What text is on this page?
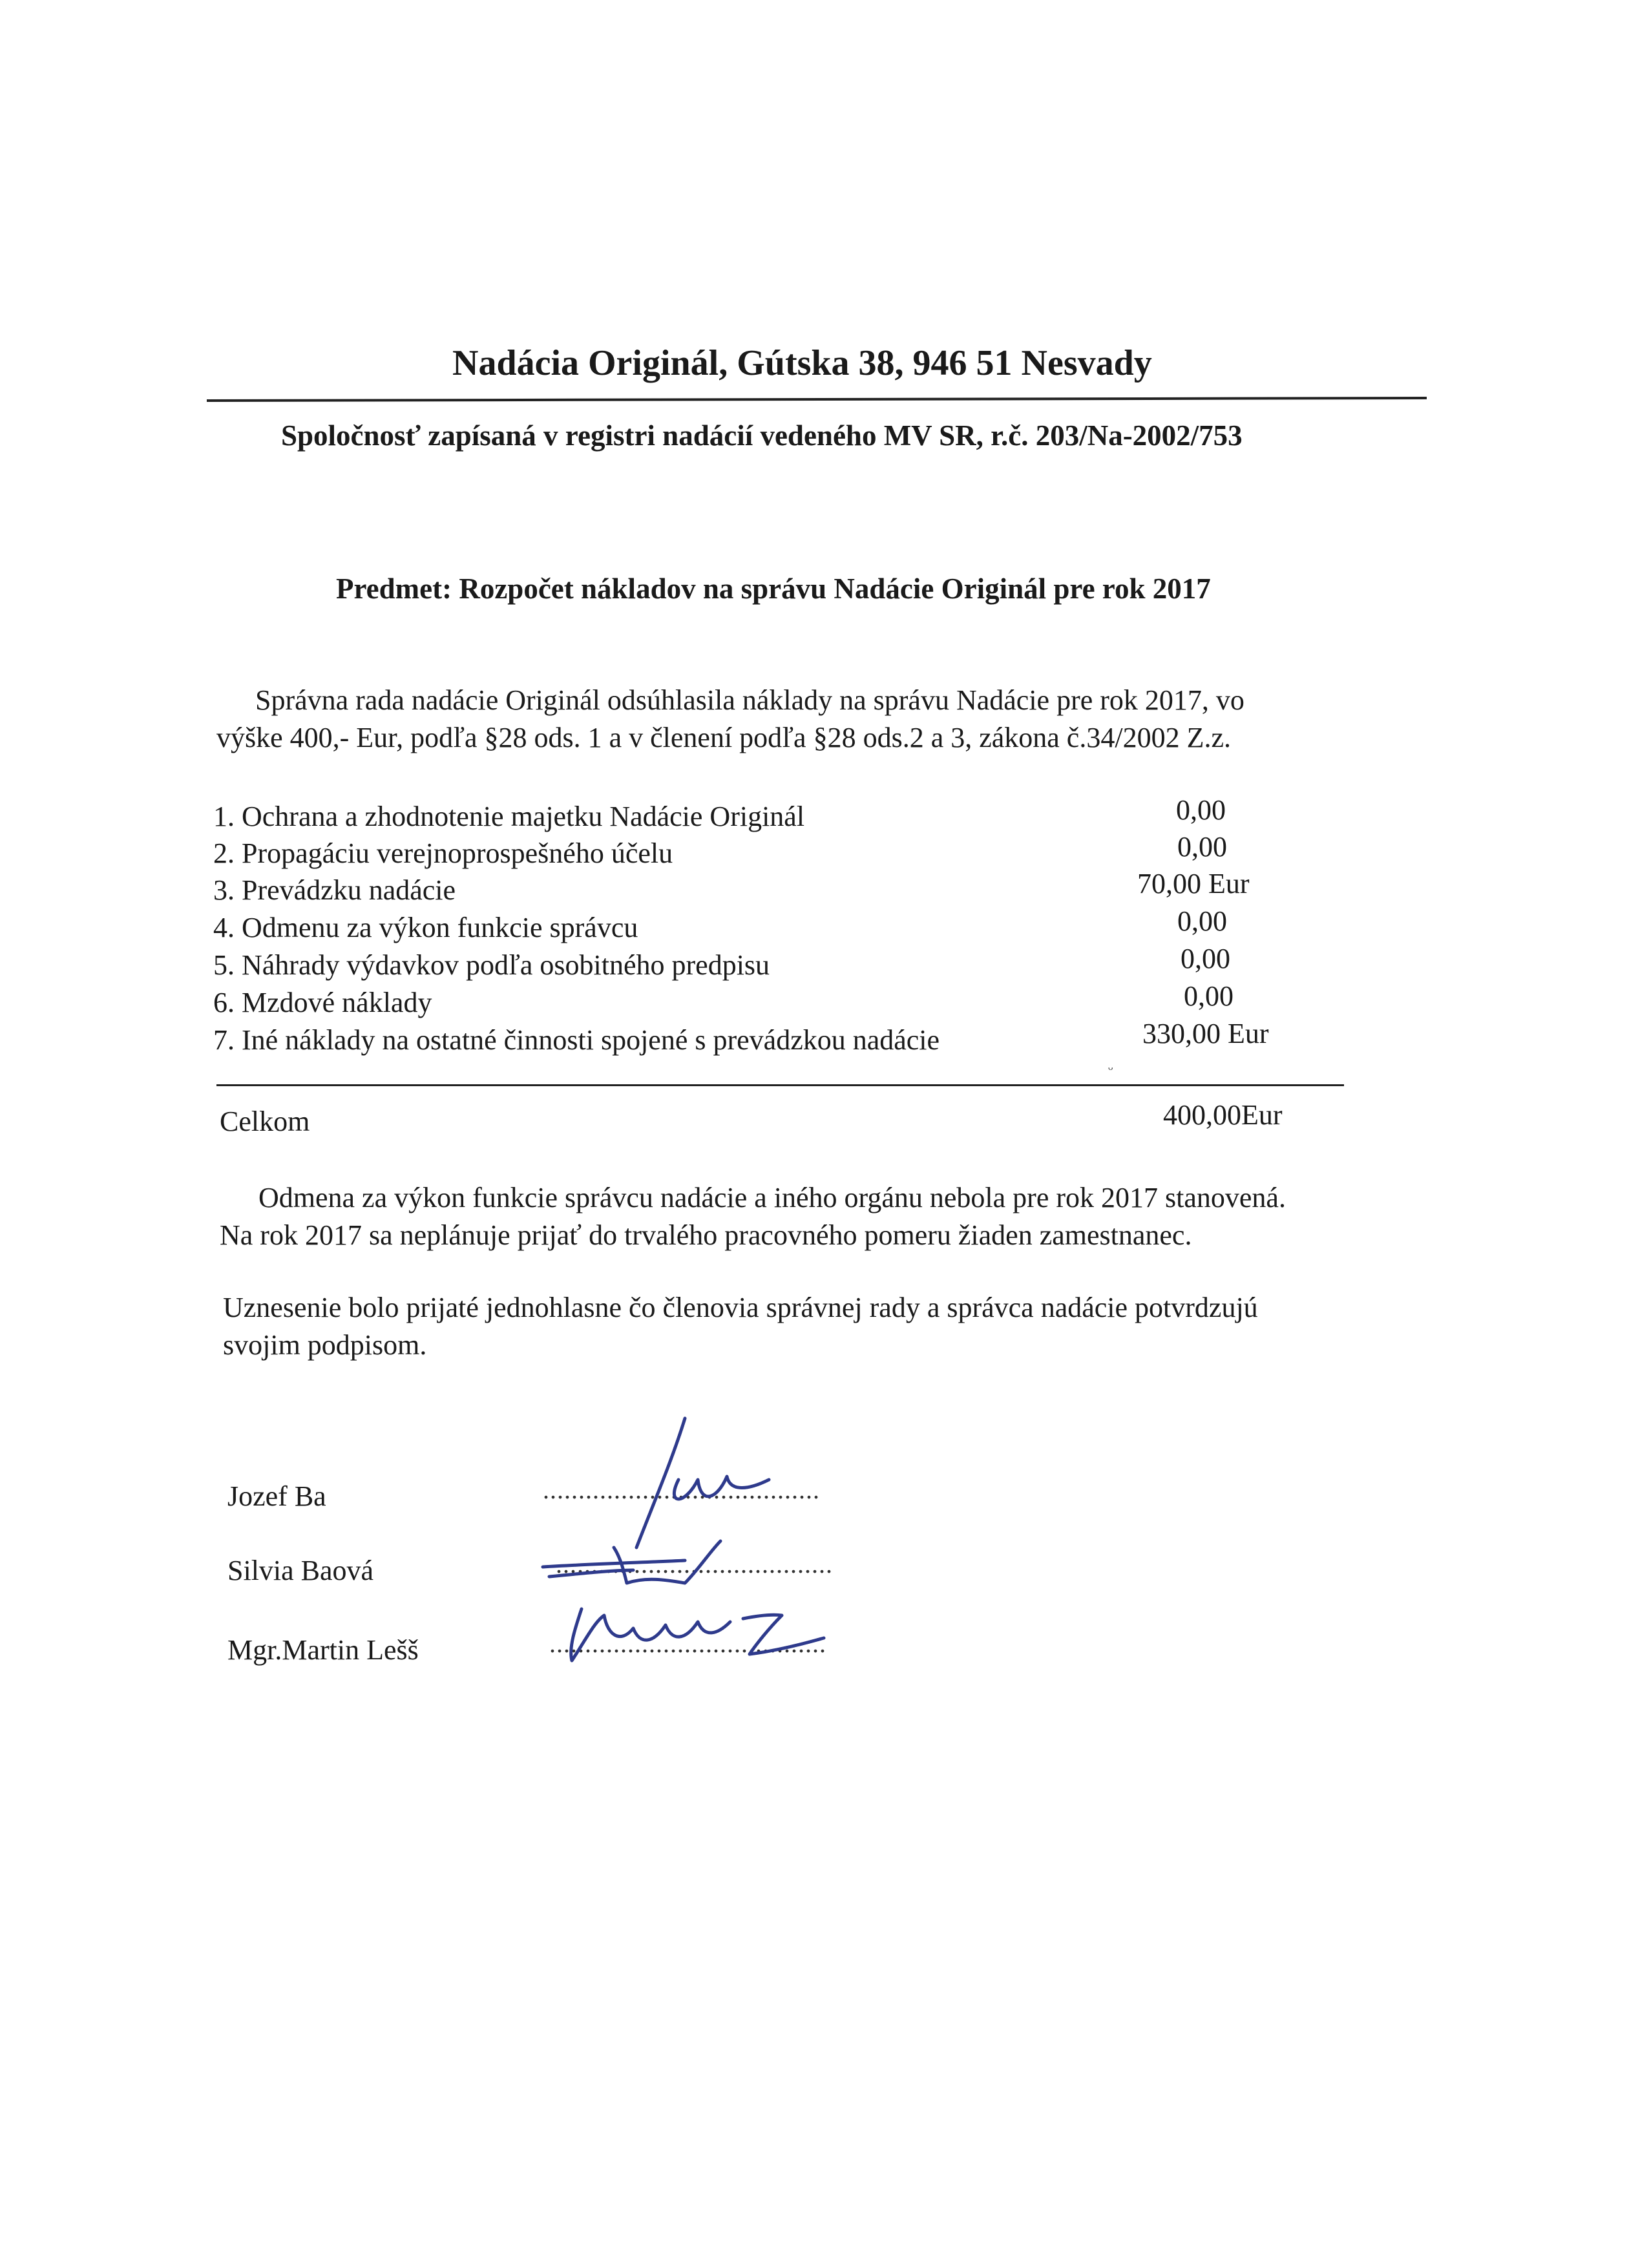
Nadácia Originál, Gútska 38, 946 51 Nesvady
Spoločnosť zapísaná v registri nadácií vedeného MV SR, r.č. 203/Na-2002/753
Predmet: Rozpočet nákladov na správu Nadácie Originál pre rok 2017
Správna rada nadácie Originál odsúhlasila náklady na správu Nadácie pre rok 2017, vo
výške 400,- Eur, podľa §28 ods. 1 a v členení podľa §28 ods.2 a 3, zákona č.34/2002 Z.z.
1. Ochrana a zhodnotenie majetku Nadácie Originál	0,00
2. Propagáciu verejnoprospešného účelu	0,00
3. Prevádzku nadácie	70,00 Eur
4. Odmenu za výkon funkcie správcu	0,00
5. Náhrady výdavkov podľa osobitného predpisu	0,00
6. Mzdové náklady	0,00
7. Iné náklady na ostatné činnosti spojené s prevádzkou nadácie	330,00 Eur
ᵕ
Celkom	400,00Eur
Odmena za výkon funkcie správcu nadácie a iného orgánu nebola pre rok 2017 stanovená.
Na rok 2017 sa neplánuje prijať do trvalého pracovného pomeru žiaden zamestnanec.
Uznesenie bolo prijaté jednohlasne čo členovia správnej rady a správca nadácie potvrdzujú
svojim podpisom.
Jozef Ba	.......................................
Silvia Baová	.......................................
Mgr.Martin Lešš	.......................................
